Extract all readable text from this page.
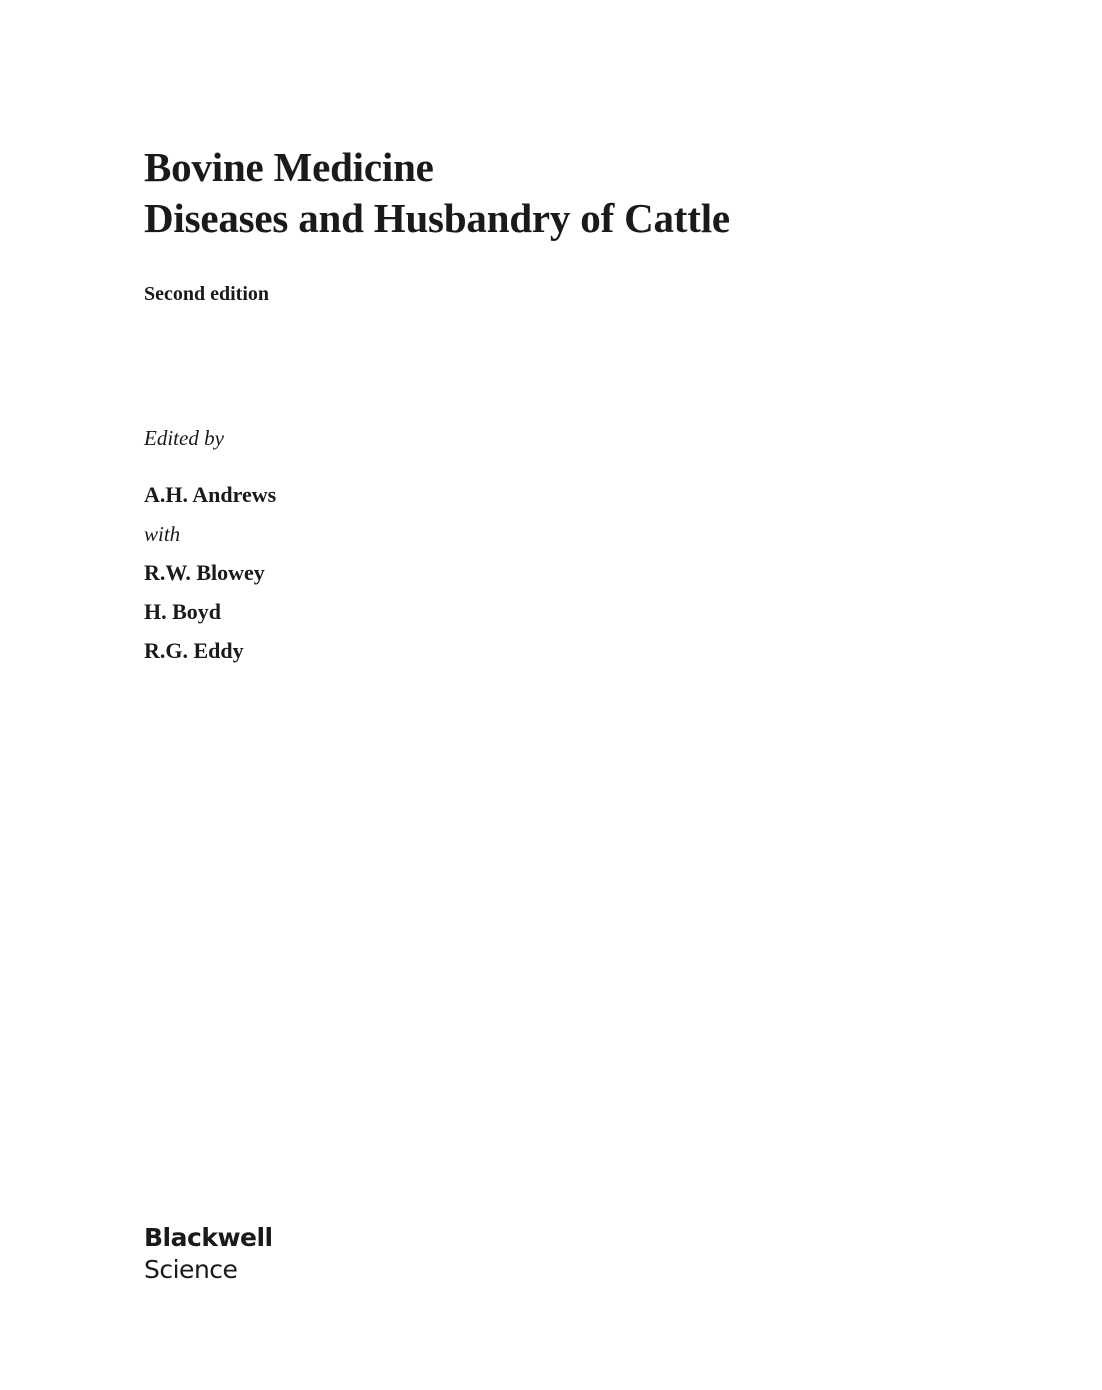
Bovine Medicine
Diseases and Husbandry of Cattle
Second edition
Edited by
A.H. Andrews
with
R.W. Blowey
H. Boyd
R.G. Eddy
Blackwell
Science
